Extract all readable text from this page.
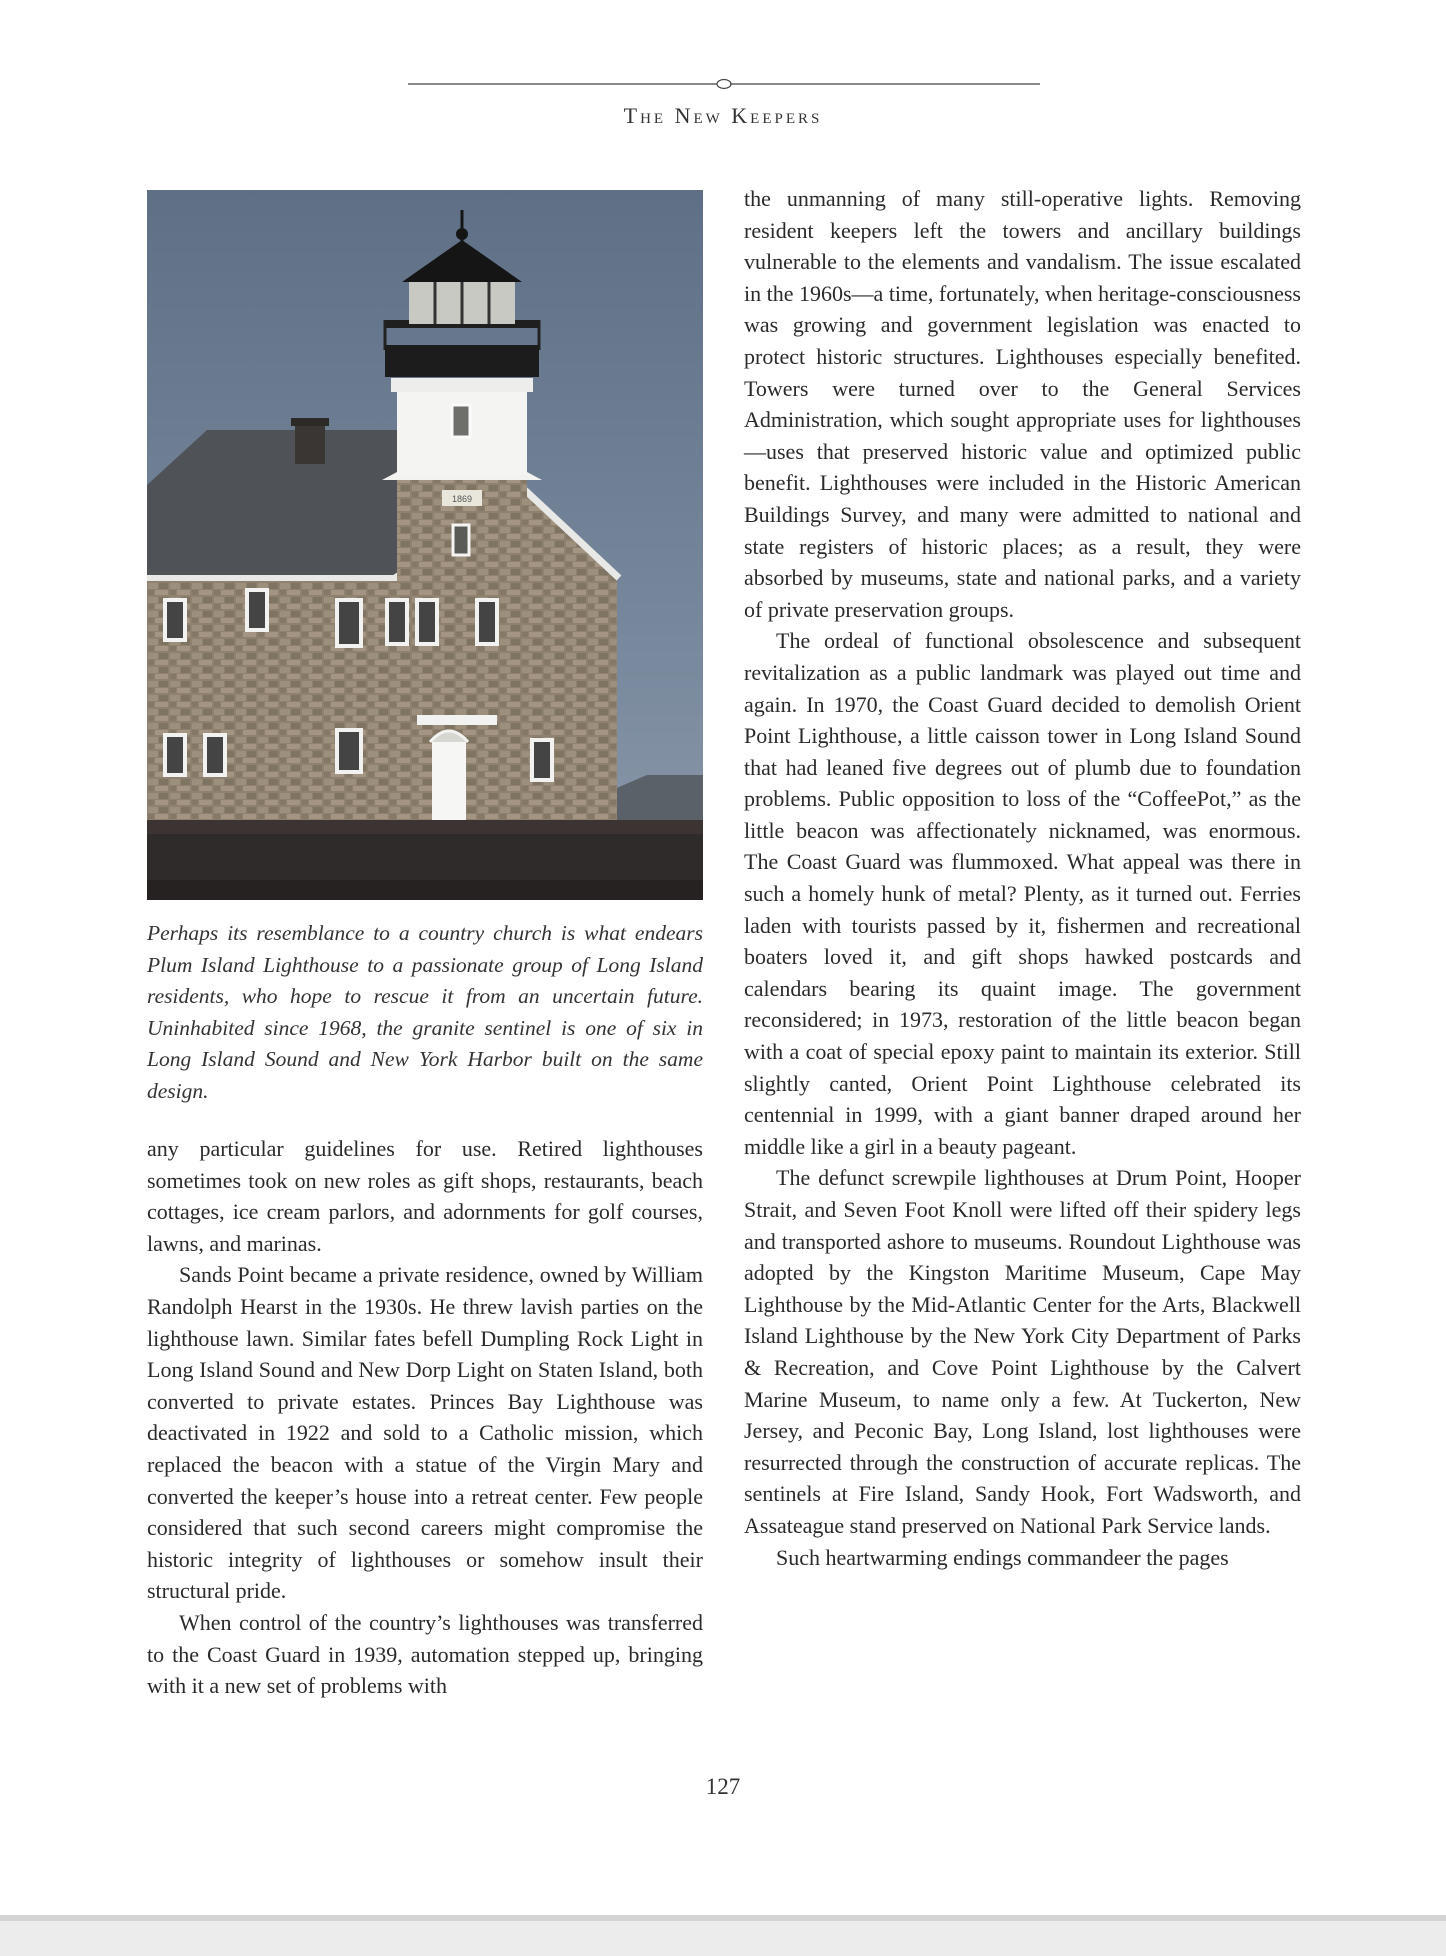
The New Keepers
1869
Perhaps its resemblance to a country church is what endears Plum Island Lighthouse to a passionate group of Long Island residents, who hope to rescue it from an uncertain future. Uninhabited since 1968, the granite sentinel is one of six in Long Island Sound and New York Harbor built on the same design.

any particular guidelines for use. Retired lighthouses sometimes took on new roles as gift shops, restaurants, beach cottages, ice cream parlors, and adornments for golf courses, lawns, and marinas.

Sands Point became a private residence, owned by William Randolph Hearst in the 1930s. He threw lavish parties on the lighthouse lawn. Similar fates befell Dumpling Rock Light in Long Island Sound and New Dorp Light on Staten Island, both converted to private estates. Princes Bay Lighthouse was deactivated in 1922 and sold to a Catholic mission, which replaced the beacon with a statue of the Virgin Mary and converted the keeper’s house into a retreat center. Few people considered that such second careers might compromise the historic integrity of lighthouses or somehow insult their structural pride.

When control of the country’s lighthouses was transferred to the Coast Guard in 1939, automation stepped up, bringing with it a new set of problems with

the unmanning of many still-operative lights. Removing resident keepers left the towers and ancillary buildings vulnerable to the elements and vandalism. The issue escalated in the 1960s—a time, fortunately, when heritage-consciousness was growing and government legislation was enacted to protect historic structures. Lighthouses especially benefited. Towers were turned over to the General Services Administration, which sought appropriate uses for lighthouses—uses that preserved historic value and optimized public benefit. Lighthouses were included in the Historic American Buildings Survey, and many were admitted to national and state registers of historic places; as a result, they were absorbed by museums, state and national parks, and a variety of private preservation groups.

The ordeal of functional obsolescence and subsequent revitalization as a public landmark was played out time and again. In 1970, the Coast Guard decided to demolish Orient Point Lighthouse, a little caisson tower in Long Island Sound that had leaned five degrees out of plumb due to foundation problems. Public opposition to loss of the “CoffeePot,” as the little beacon was affectionately nicknamed, was enormous. The Coast Guard was flummoxed. What appeal was there in such a homely hunk of metal? Plenty, as it turned out. Ferries laden with tourists passed by it, fishermen and recreational boaters loved it, and gift shops hawked postcards and calendars bearing its quaint image. The government reconsidered; in 1973, restoration of the little beacon began with a coat of special epoxy paint to maintain its exterior. Still slightly canted, Orient Point Lighthouse celebrated its centennial in 1999, with a giant banner draped around her middle like a girl in a beauty pageant.

The defunct screwpile lighthouses at Drum Point, Hooper Strait, and Seven Foot Knoll were lifted off their spidery legs and transported ashore to museums. Roundout Lighthouse was adopted by the Kingston Maritime Museum, Cape May Lighthouse by the Mid-Atlantic Center for the Arts, Blackwell Island Lighthouse by the New York City Department of Parks & Recreation, and Cove Point Lighthouse by the Calvert Marine Museum, to name only a few. At Tuckerton, New Jersey, and Peconic Bay, Long Island, lost lighthouses were resurrected through the construction of accurate replicas. The sentinels at Fire Island, Sandy Hook, Fort Wadsworth, and Assateague stand preserved on National Park Service lands.

Such heartwarming endings commandeer the pages

127
